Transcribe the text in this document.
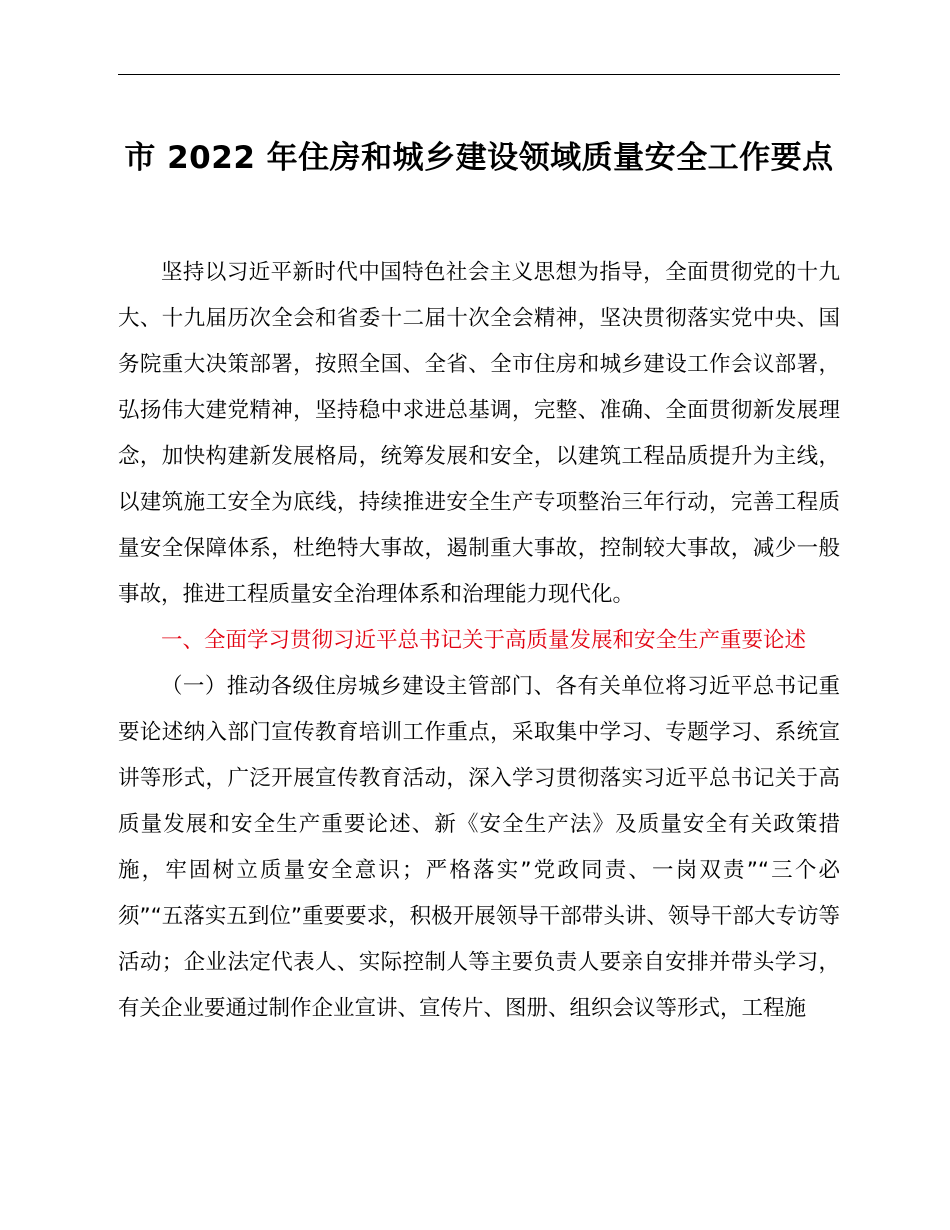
市 2022 年住房和城乡建设领域质量安全工作要点

坚持以习近平新时代中国特色社会主义思想为指导，全面贯彻党的十九大、十九届历次全会和省委十二届十次全会精神，坚决贯彻落实党中央、国务院重大决策部署，按照全国、全省、全市住房和城乡建设工作会议部署，弘扬伟大建党精神，坚持稳中求进总基调，完整、准确、全面贯彻新发展理念，加快构建新发展格局，统筹发展和安全，以建筑工程品质提升为主线，以建筑施工安全为底线，持续推进安全生产专项整治三年行动，完善工程质量安全保障体系，杜绝特大事故，遏制重大事故，控制较大事故，减少一般事故，推进工程质量安全治理体系和治理能力现代化。

一、全面学习贯彻习近平总书记关于高质量发展和安全生产重要论述

（一）推动各级住房城乡建设主管部门、各有关单位将习近平总书记重要论述纳入部门宣传教育培训工作重点，采取集中学习、专题学习、系统宣讲等形式，广泛开展宣传教育活动，深入学习贯彻落实习近平总书记关于高质量发展和安全生产重要论述、新《安全生产法》及质量安全有关政策措施，牢固树立质量安全意识；严格落实”党政同责、一岗双责”“三个必须”“五落实五到位”重要要求，积极开展领导干部带头讲、领导干部大专访等活动；企业法定代表人、实际控制人等主要负责人要亲自安排并带头学习，有关企业要通过制作企业宣讲、宣传片、图册、组织会议等形式，工程施
